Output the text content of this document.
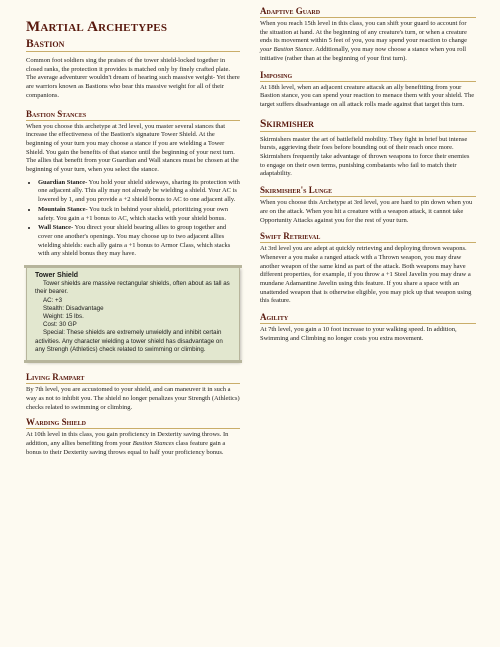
Martial Archetypes
Bastion

Common foot soldiers sing the praises of the tower shield-locked together in closed ranks, the protection it provides is matched only by finely crafted plate. The average adventurer wouldn't dream of hearing such massive weight- Yet there are warriors known as Bastions who bear this massive weight for all of their companions.

Bastion Stances

When you choose this archetype at 3rd level, you master several stances that increase the effectiveness of the Bastion's signature Tower Shield. At the beginning of your turn you may choose a stance if you are wielding a Tower Shield. You gain the benefits of that stance until the beginning of your next turn. The allies that benefit from your Guardian and Wall stances must be chosen at the beginning of your turn, when you select the stance.

• Guardian Stance- You hold your shield sideways, sharing its protection with one adjacent ally. This ally may not already be wielding a shield. Your AC is lowered by 1, and you provide a +2 shield bonus to AC to one adjacent ally.
• Mountain Stance- You tuck in behind your shield, prioritizing your own safety. You gain a +1 bonus to AC, which stacks with your shield bonus.
• Wall Stance- You direct your shield bearing allies to group together and cover one another's openings. You may choose up to two adjacent allies wielding shields: each ally gains a +1 bonus to Armor Class, which stacks with any shield bonus they may have.
Tower Shield
Tower shields are massive rectangular shields, often about as tall as their bearer.
AC: +3
Stealth: Disadvantage
Weight: 15 lbs.
Cost: 30 GP
Special: These shields are extremely unwieldly and inhibit certain activities. Any character wielding a tower shield has disadvantage on any Strengh (Athletics) check related to swimming or climbing.
Living Rampart

By 7th level, you are accustomed to your shield, and can maneuver it in such a way as not to inhibit you. The shield no longer penalizes your Strength (Athletics) checks related to swimming or climbing.

Warding Shield

At 10th level in this class, you gain proficiency in Dexterity saving throws. In addition, any allies benefiting from your Bastion Stances class feature gain a bonus to their Dexterity saving throws equal to half your proficiency bonus.

Adaptive Guard

When you reach 15th level in this class, you can shift your guard to account for the situation at hand. At the beginning of any creature's turn, or when a creature ends its movement within 5 feet of you, you may spend your reaction to change your Bastion Stance. Additionally, you may now choose a stance when you roll initiative (rather than at the beginning of your first turn).

Imposing

At 18th level, when an adjacent creature attacsk an ally benefitting from your Bastion stance, you can spend your reaction to menace them with your shield. The target suffers disadvantage on all attack rolls made against that target this turn.

Skirmisher

Skirmishers master the art of battlefield mobility. They fight in brief but intense bursts, aggrieving their foes before bounding out of their reach once more. Skirmishers frequently take advantage of thrown weapons to force their enemies to engage on their own terms, punishing combatants who fail to match their adaptability.

Skirmisher's Lunge

When you choose this Archetype at 3rd level, you are hard to pin down when you are on the attack. When you hit a creature with a weapon attack, it cannot take Opportunity Attacks against you for the rest of your turn.

Swift Retrieval

At 3rd level you are adept at quickly retrieving and deploying thrown weapons. Whenever a you make a ranged attack with a Thrown weapon, you may draw another weapon of the same kind as part of the attack. Both weapons may have different properties, for example, if you throw a +1 Steel Javelin you may draw a mundane Adamantine Javelin using this feature. If you share a space with an unattended weapon that is otherwise eligible, you may pick up that weapon using this feature.

Agility

At 7th level, you gain a 10 foot increase to your walking speed. In addition, Swimming and Climbing no longer costs you extra movement.
